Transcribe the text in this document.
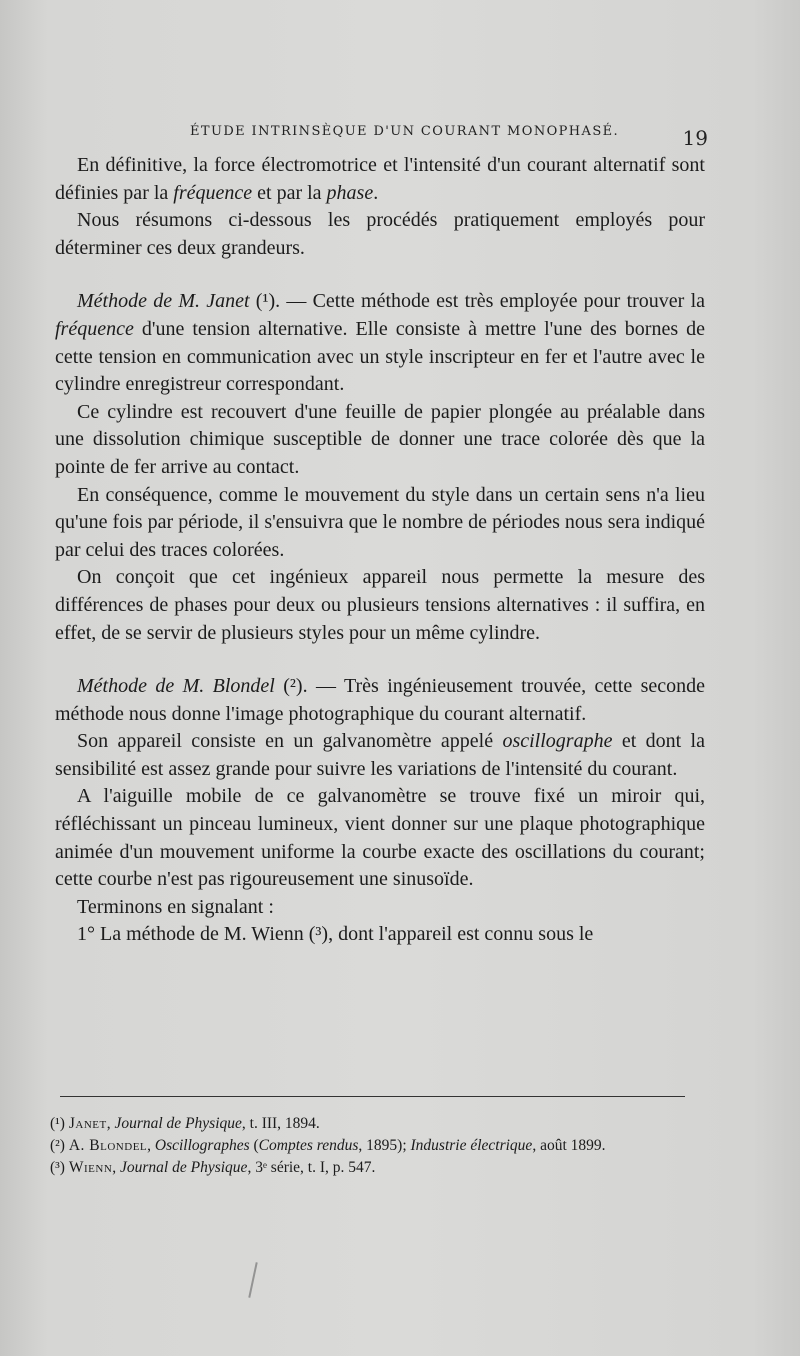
ÉTUDE INTRINSÈQUE D'UN COURANT MONOPHASÉ.	19

En définitive, la force électromotrice et l'intensité d'un courant alternatif sont définies par la fréquence et par la phase.

Nous résumons ci-dessous les procédés pratiquement employés pour déterminer ces deux grandeurs.

Méthode de M. Janet (¹). — Cette méthode est très employée pour trouver la fréquence d'une tension alternative. Elle consiste à mettre l'une des bornes de cette tension en communication avec un style inscripteur en fer et l'autre avec le cylindre enregistreur correspondant.

Ce cylindre est recouvert d'une feuille de papier plongée au préalable dans une dissolution chimique susceptible de donner une trace colorée dès que la pointe de fer arrive au contact.

En conséquence, comme le mouvement du style dans un certain sens n'a lieu qu'une fois par période, il s'ensuivra que le nombre de périodes nous sera indiqué par celui des traces colorées.

On conçoit que cet ingénieux appareil nous permette la mesure des différences de phases pour deux ou plusieurs tensions alternatives : il suffira, en effet, de se servir de plusieurs styles pour un même cylindre.

Méthode de M. Blondel (²). — Très ingénieusement trouvée, cette seconde méthode nous donne l'image photographique du courant alternatif.

Son appareil consiste en un galvanomètre appelé oscillographe et dont la sensibilité est assez grande pour suivre les variations de l'intensité du courant.

A l'aiguille mobile de ce galvanomètre se trouve fixé un miroir qui, réfléchissant un pinceau lumineux, vient donner sur une plaque photographique animée d'un mouvement uniforme la courbe exacte des oscillations du courant; cette courbe n'est pas rigoureusement une sinusoïde.

Terminons en signalant :

1° La méthode de M. Wienn (³), dont l'appareil est connu sous le

(¹) Janet, Journal de Physique, t. III, 1894.

(²) A. Blondel, Oscillographes (Comptes rendus, 1895); Industrie électrique, août 1899.

(³) Wienn, Journal de Physique, 3ᵉ série, t. I, p. 547.
